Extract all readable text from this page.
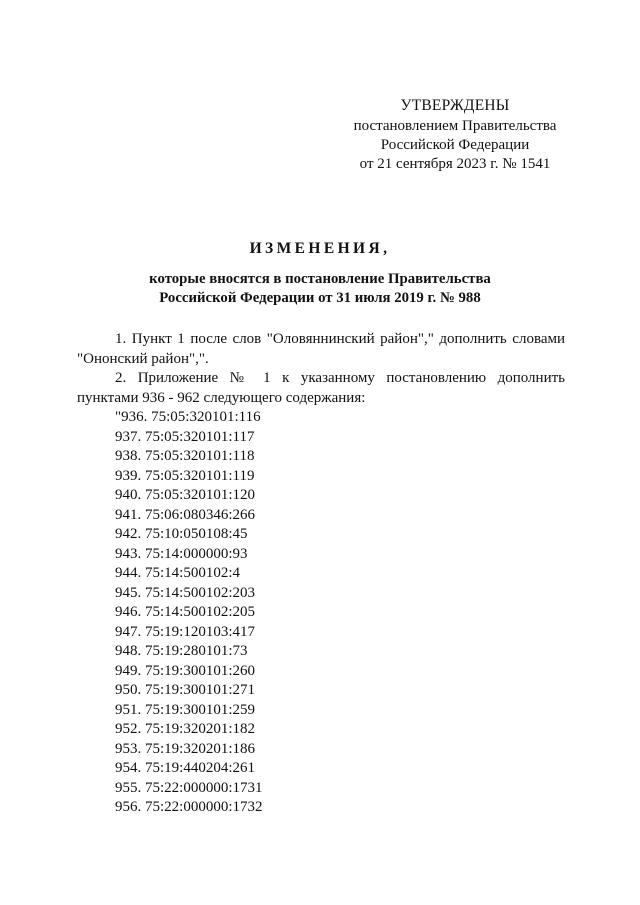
УТВЕРЖДЕНЫ
постановлением Правительства
Российской Федерации
от 21 сентября 2023 г. № 1541
ИЗМЕНЕНИЯ,
которые вносятся в постановление Правительства
Российской Федерации от 31 июля 2019 г. № 988
1. Пункт 1 после слов "Оловяннинский район"," дополнить словами "Ононский район",".
2. Приложение № 1 к указанному постановлению дополнить пунктами 936 - 962 следующего содержания:
"936. 75:05:320101:116
937. 75:05:320101:117
938. 75:05:320101:118
939. 75:05:320101:119
940. 75:05:320101:120
941. 75:06:080346:266
942. 75:10:050108:45
943. 75:14:000000:93
944. 75:14:500102:4
945. 75:14:500102:203
946. 75:14:500102:205
947. 75:19:120103:417
948. 75:19:280101:73
949. 75:19:300101:260
950. 75:19:300101:271
951. 75:19:300101:259
952. 75:19:320201:182
953. 75:19:320201:186
954. 75:19:440204:261
955. 75:22:000000:1731
956. 75:22:000000:1732
